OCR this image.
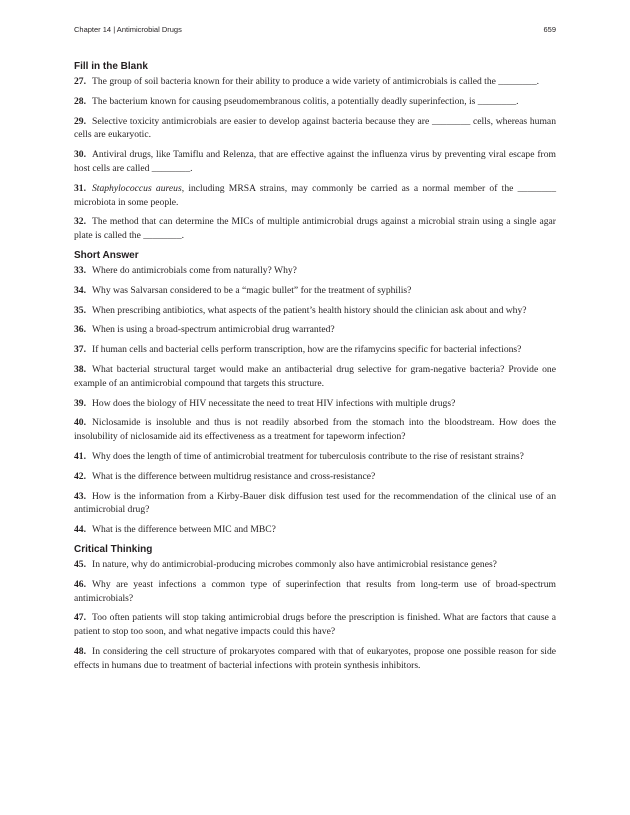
Chapter 14 | Antimicrobial Drugs	659
Fill in the Blank

27. The group of soil bacteria known for their ability to produce a wide variety of antimicrobials is called the ________.

28. The bacterium known for causing pseudomembranous colitis, a potentially deadly superinfection, is ________.

29. Selective toxicity antimicrobials are easier to develop against bacteria because they are ________ cells, whereas human cells are eukaryotic.

30. Antiviral drugs, like Tamiflu and Relenza, that are effective against the influenza virus by preventing viral escape from host cells are called ________.

31. Staphylococcus aureus, including MRSA strains, may commonly be carried as a normal member of the ________ microbiota in some people.

32. The method that can determine the MICs of multiple antimicrobial drugs against a microbial strain using a single agar plate is called the ________.

Short Answer

33. Where do antimicrobials come from naturally? Why?

34. Why was Salvarsan considered to be a “magic bullet” for the treatment of syphilis?

35. When prescribing antibiotics, what aspects of the patient’s health history should the clinician ask about and why?

36. When is using a broad-spectrum antimicrobial drug warranted?

37. If human cells and bacterial cells perform transcription, how are the rifamycins specific for bacterial infections?

38. What bacterial structural target would make an antibacterial drug selective for gram-negative bacteria? Provide one example of an antimicrobial compound that targets this structure.

39. How does the biology of HIV necessitate the need to treat HIV infections with multiple drugs?

40. Niclosamide is insoluble and thus is not readily absorbed from the stomach into the bloodstream. How does the insolubility of niclosamide aid its effectiveness as a treatment for tapeworm infection?

41. Why does the length of time of antimicrobial treatment for tuberculosis contribute to the rise of resistant strains?

42. What is the difference between multidrug resistance and cross-resistance?

43. How is the information from a Kirby-Bauer disk diffusion test used for the recommendation of the clinical use of an antimicrobial drug?

44. What is the difference between MIC and MBC?

Critical Thinking

45. In nature, why do antimicrobial-producing microbes commonly also have antimicrobial resistance genes?

46. Why are yeast infections a common type of superinfection that results from long-term use of broad-spectrum antimicrobials?

47. Too often patients will stop taking antimicrobial drugs before the prescription is finished. What are factors that cause a patient to stop too soon, and what negative impacts could this have?

48. In considering the cell structure of prokaryotes compared with that of eukaryotes, propose one possible reason for side effects in humans due to treatment of bacterial infections with protein synthesis inhibitors.
